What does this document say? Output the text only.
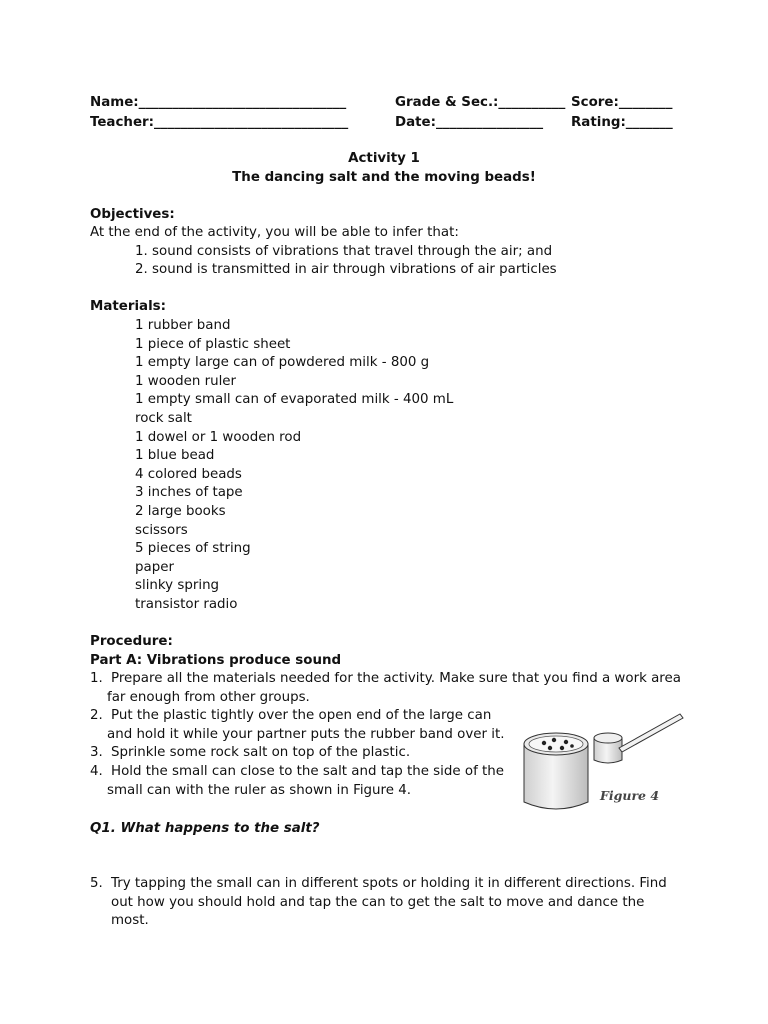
Name:_______________________________	Grade & Sec.:__________ Score:________
Teacher:_____________________________	Date:________________ Rating:_______
Activity 1
The dancing salt and the moving beads!
Objectives:
At the end of the activity, you will be able to infer that:
1. sound consists of vibrations that travel through the air; and
2. sound is transmitted in air through vibrations of air particles
Materials:
1 rubber band
1 piece of plastic sheet
1 empty large can of powdered milk - 800 g
1 wooden ruler
1 empty small can of evaporated milk - 400 mL
rock salt
1 dowel or 1 wooden rod
1 blue bead
4 colored beads
3 inches of tape
2 large books
scissors
5 pieces of string
paper
slinky spring
transistor radio
Procedure:
Part A: Vibrations produce sound
1. Prepare all the materials needed for the activity. Make sure that you find a work area
far enough from other groups.
2. Put the plastic tightly over the open end of the large can
and hold it while your partner puts the rubber band over it.
3. Sprinkle some rock salt on top of the plastic.
4. Hold the small can close to the salt and tap the side of the
small can with the ruler as shown in Figure 4.	Figure 4
Q1. What happens to the salt?
5. Try tapping the small can in different spots or holding it in different directions. Find
out how you should hold and tap the can to get the salt to move and dance the
most.
